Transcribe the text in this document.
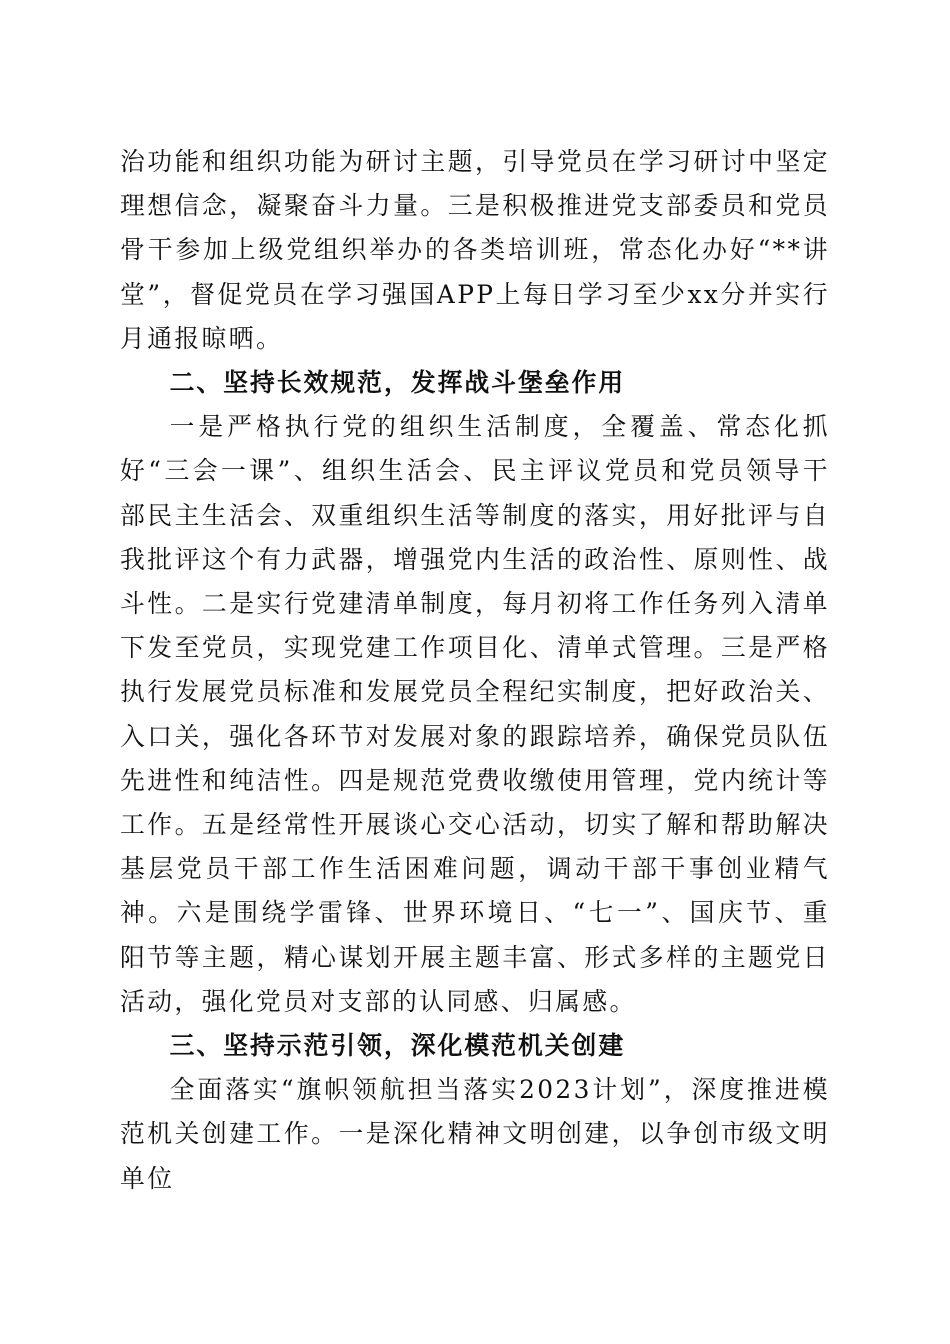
治功能和组织功能为研讨主题，引导党员在学习研讨中坚定理想信念，凝聚奋斗力量。三是积极推进党支部委员和党员骨干参加上级党组织举办的各类培训班，常态化办好“**讲堂”，督促党员在学习强国APP上每日学习至少xx分并实行月通报晾晒。

二、坚持长效规范，发挥战斗堡垒作用

一是严格执行党的组织生活制度，全覆盖、常态化抓好“三会一课”、组织生活会、民主评议党员和党员领导干部民主生活会、双重组织生活等制度的落实，用好批评与自我批评这个有力武器，增强党内生活的政治性、原则性、战斗性。二是实行党建清单制度，每月初将工作任务列入清单下发至党员，实现党建工作项目化、清单式管理。三是严格执行发展党员标准和发展党员全程纪实制度，把好政治关、入口关，强化各环节对发展对象的跟踪培养，确保党员队伍先进性和纯洁性。四是规范党费收缴使用管理，党内统计等工作。五是经常性开展谈心交心活动，切实了解和帮助解决基层党员干部工作生活困难问题，调动干部干事创业精气神。六是围绕学雷锋、世界环境日、“七一”、国庆节、重阳节等主题，精心谋划开展主题丰富、形式多样的主题党日活动，强化党员对支部的认同感、归属感。

三、坚持示范引领，深化模范机关创建

全面落实“旗帜领航担当落实2023计划”，深度推进模范机关创建工作。一是深化精神文明创建，以争创市级文明单位
